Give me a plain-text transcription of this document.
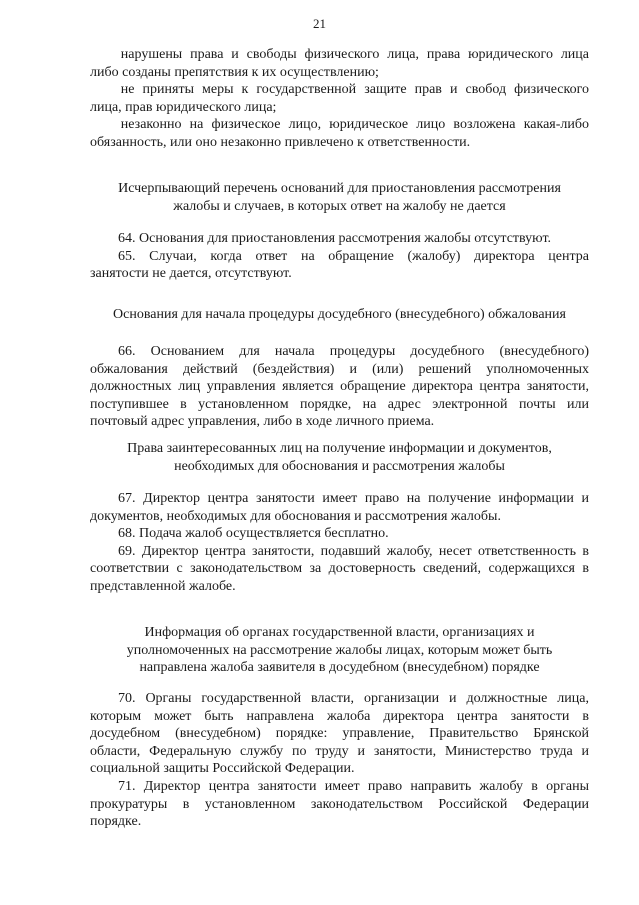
21

нарушены права и свободы физического лица, права юридического лица

либо созданы препятствия к их осуществлению;

не приняты меры к государственной защите прав и свобод физического

лица, прав юридического лица;

незаконно на физическое лицо, юридическое лицо возложена какая-либо

обязанность, или оно незаконно привлечено к ответственности.

Исчерпывающий перечень оснований для приостановления рассмотрения

жалобы и случаев, в которых ответ на жалобу не дается

64. Основания для приостановления рассмотрения жалобы отсутствуют.

65. Случаи, когда ответ на обращение (жалобу) директора центра

занятости не дается, отсутствуют.

Основания для начала процедуры досудебного (внесудебного) обжалования

66. Основанием для начала процедуры досудебного (внесудебного)

обжалования действий (бездействия) и (или) решений уполномоченных

должностных лиц управления является обращение директора центра занятости,

поступившее в установленном порядке, на адрес электронной почты или

почтовый адрес управления, либо в ходе личного приема.

Права заинтересованных лиц на получение информации и документов,

необходимых для обоснования и рассмотрения жалобы

67. Директор центра занятости имеет право на получение информации и

документов, необходимых для обоснования и рассмотрения жалобы.

68. Подача жалоб осуществляется бесплатно.

69. Директор центра занятости, подавший жалобу, несет ответственность в

соответствии с законодательством за достоверность сведений, содержащихся в

представленной жалобе.

Информация об органах государственной власти, организациях и

уполномоченных на рассмотрение жалобы лицах, которым может быть

направлена жалоба заявителя в досудебном (внесудебном) порядке

70. Органы государственной власти, организации и должностные лица,

которым может быть направлена жалоба директора центра занятости в

досудебном (внесудебном) порядке: управление, Правительство Брянской

области, Федеральную службу по труду и занятости, Министерство труда и

социальной защиты Российской Федерации.

71. Директор центра занятости имеет право направить жалобу в органы

прокуратуры в установленном законодательством Российской Федерации

порядке.
